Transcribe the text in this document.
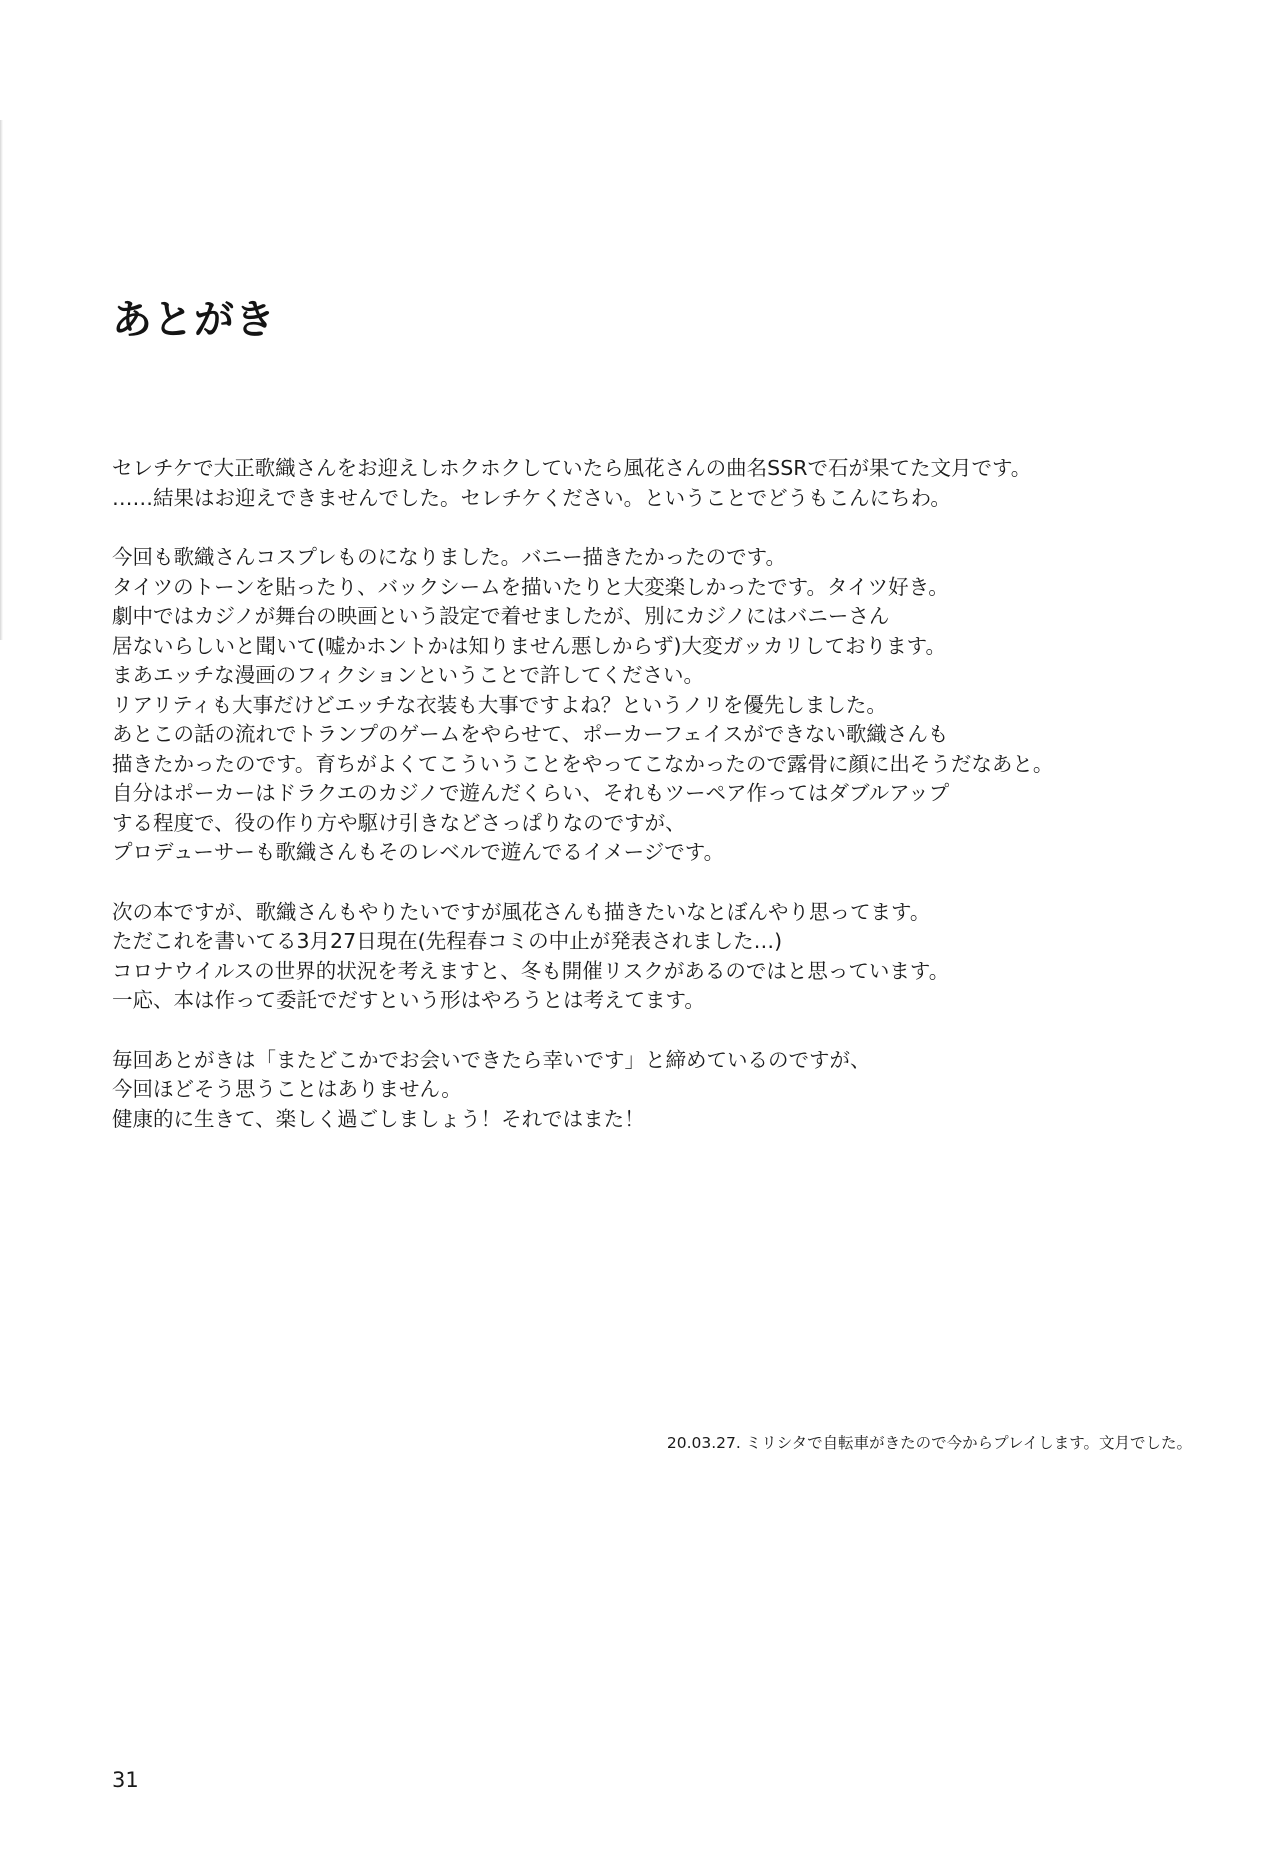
あとがき
セレチケで大正歌織さんをお迎えしホクホクしていたら風花さんの曲名SSRで石が果てた文月です。
……結果はお迎えできませんでした。セレチケください。ということでどうもこんにちわ。
今回も歌織さんコスプレものになりました。バニー描きたかったのです。
タイツのトーンを貼ったり、バックシームを描いたりと大変楽しかったです。タイツ好き。
劇中ではカジノが舞台の映画という設定で着せましたが、別にカジノにはバニーさん
居ないらしいと聞いて(嘘かホントかは知りません悪しからず)大変ガッカリしております。
まあエッチな漫画のフィクションということで許してください。
リアリティも大事だけどエッチな衣装も大事ですよね？というノリを優先しました。
あとこの話の流れでトランプのゲームをやらせて、ポーカーフェイスができない歌織さんも
描きたかったのです。育ちがよくてこういうことをやってこなかったので露骨に顔に出そうだなあと。
自分はポーカーはドラクエのカジノで遊んだくらい、それもツーペア作ってはダブルアップ
する程度で、役の作り方や駆け引きなどさっぱりなのですが、
プロデューサーも歌織さんもそのレベルで遊んでるイメージです。
次の本ですが、歌織さんもやりたいですが風花さんも描きたいなとぼんやり思ってます。
ただこれを書いてる3月27日現在(先程春コミの中止が発表されました…)
コロナウイルスの世界的状況を考えますと、冬も開催リスクがあるのではと思っています。
一応、本は作って委託でだすという形はやろうとは考えてます。
毎回あとがきは「またどこかでお会いできたら幸いです」と締めているのですが、
今回ほどそう思うことはありません。
健康的に生きて、楽しく過ごしましょう！それではまた！
20.03.27. ミリシタで自転車がきたので今からプレイします。文月でした。
31
